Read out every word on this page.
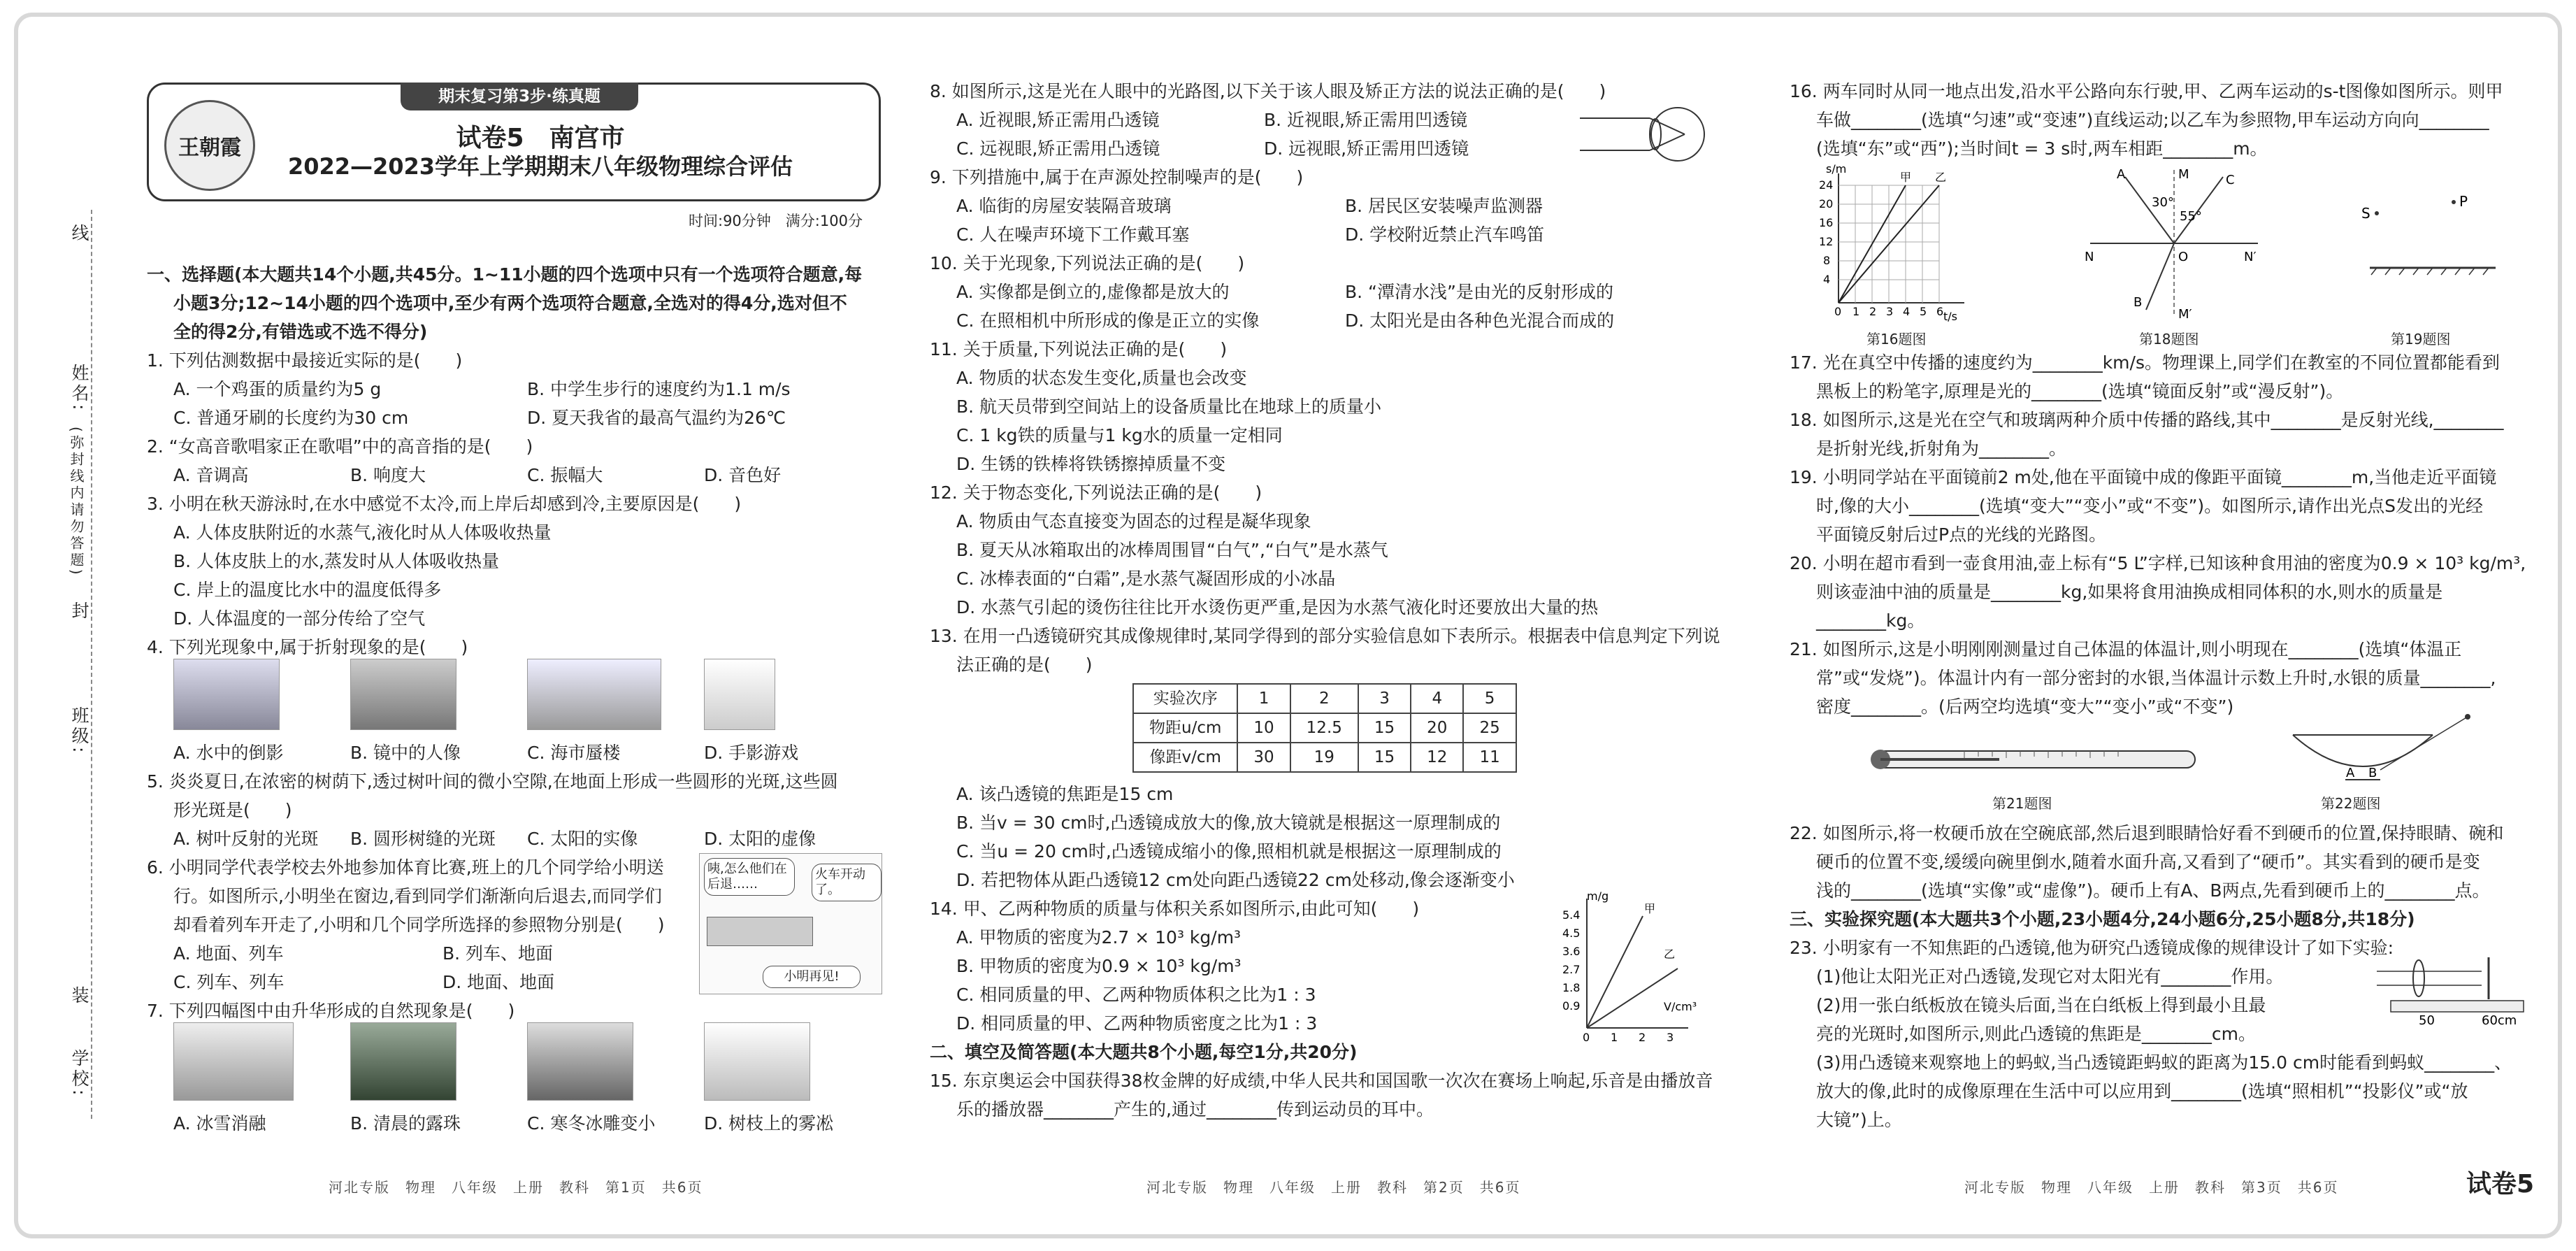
线
姓名:
(弥封线内请勿答题)
封
班级:
装
学校:
期末复习第3步·练真题
王朝霞	试卷5　南宫市
2022—2023学年上学期期末八年级物理综合评估
时间:90分钟　满分:100分

一、选择题(本大题共14个小题,共45分。1~11小题的四个选项中只有一个选项符合题意,每

小题3分;12~14小题的四个选项中,至少有两个选项符合题意,全选对的得4分,选对但不

全的得2分,有错选或不选不得分)

1. 下列估测数据中最接近实际的是(　　)

A. 一个鸡蛋的质量约为5 g	B. 中学生步行的速度约为1.1 m/s
C. 普通牙刷的长度约为30 cm	D. 夏天我省的最高气温约为26℃

2. “女高音歌唱家正在歌唱”中的高音指的是(　　)

A. 音调高	B. 响度大	C. 振幅大	D. 音色好

3. 小明在秋天游泳时,在水中感觉不太冷,而上岸后却感到冷,主要原因是(　　)

A. 人体皮肤附近的水蒸气,液化时从人体吸收热量
B. 人体皮肤上的水,蒸发时从人体吸收热量
C. 岸上的温度比水中的温度低得多
D. 人体温度的一部分传给了空气

4. 下列光现象中,属于折射现象的是(　　)

A. 水中的倒影	B. 镜中的人像	C. 海市蜃楼	D. 手影游戏

5. 炎炎夏日,在浓密的树荫下,透过树叶间的微小空隙,在地面上形成一些圆形的光斑,这些圆

形光斑是(　　)

A. 树叶反射的光斑	B. 圆形树缝的光斑	C. 太阳的实像	D. 太阳的虚像

6. 小明同学代表学校去外地参加体育比赛,班上的几个同学给小明送

行。如图所示,小明坐在窗边,看到同学们渐渐向后退去,而同学们

却看着列车开走了,小明和几个同学所选择的参照物分别是(　　)

A. 地面、列车	B. 列车、地面
C. 列车、列车	D. 地面、地面
咦,怎么他们在后退……
火车开动了。
小明再见!

7. 下列四幅图中由升华形成的自然现象是(　　)

A. 冰雪消融	B. 清晨的露珠	C. 寒冬冰雕变小	D. 树枝上的雾凇

8. 如图所示,这是光在人眼中的光路图,以下关于该人眼及矫正方法的说法正确的是(　　)

A. 近视眼,矫正需用凸透镜	B. 近视眼,矫正需用凹透镜
C. 远视眼,矫正需用凸透镜	D. 远视眼,矫正需用凹透镜

9. 下列措施中,属于在声源处控制噪声的是(　　)

A. 临街的房屋安装隔音玻璃	B. 居民区安装噪声监测器
C. 人在噪声环境下工作戴耳塞	D. 学校附近禁止汽车鸣笛

10. 关于光现象,下列说法正确的是(　　)

A. 实像都是倒立的,虚像都是放大的	B. “潭清水浅”是由光的反射形成的
C. 在照相机中所形成的像是正立的实像	D. 太阳光是由各种色光混合而成的

11. 关于质量,下列说法正确的是(　　)

A. 物质的状态发生变化,质量也会改变
B. 航天员带到空间站上的设备质量比在地球上的质量小
C. 1 kg铁的质量与1 kg水的质量一定相同
D. 生锈的铁棒将铁锈擦掉质量不变

12. 关于物态变化,下列说法正确的是(　　)

A. 物质由气态直接变为固态的过程是凝华现象
B. 夏天从冰箱取出的冰棒周围冒“白气”,“白气”是水蒸气
C. 冰棒表面的“白霜”,是水蒸气凝固形成的小冰晶
D. 水蒸气引起的烫伤往往比开水烫伤更严重,是因为水蒸气液化时还要放出大量的热

13. 在用一凸透镜研究其成像规律时,某同学得到的部分实验信息如下表所示。根据表中信息判定下列说

法正确的是(　　)

实验次序	1	2	3	4	5
物距u/cm	10	12.5	15	20	25
像距v/cm	30	19	15	12	11
A. 该凸透镜的焦距是15 cm
B. 当v = 30 cm时,凸透镜成放大的像,放大镜就是根据这一原理制成的
C. 当u = 20 cm时,凸透镜成缩小的像,照相机就是根据这一原理制成的
D. 若把物体从距凸透镜12 cm处向距凸透镜22 cm处移动,像会逐渐变小

14. 甲、乙两种物质的质量与体积关系如图所示,由此可知(　　)

A. 甲物质的密度为2.7 × 10³ kg/m³
B. 甲物质的密度为0.9 × 10³ kg/m³
C. 相同质量的甲、乙两种物质体积之比为1 : 3
D. 相同质量的甲、乙两种物质密度之比为1 : 3
m/g
V/cm³
5.4
4.5
3.6
2.7
1.8
0.9
0 1 2 3
甲
乙

二、填空及简答题(本大题共8个小题,每空1分,共20分)

15. 东京奥运会中国获得38枚金牌的好成绩,中华人民共和国国歌一次次在赛场上响起,乐音是由播放音

乐的播放器________产生的,通过________传到运动员的耳中。

16. 两车同时从同一地点出发,沿水平公路向东行驶,甲、乙两车运动的s-t图像如图所示。则甲

车做________(选填“匀速”或“变速”)直线运动;以乙车为参照物,甲车运动方向向________

(选填“东”或“西”);当时间t = 3 s时,两车相距________m。

s/m
t/s
24
20
16
12
8
4
0 1 2 3 4 5 6
甲 乙
第16题图
M
A	C
30°
55°
N	O	N′
B
M′
第18题图
S
P
第19题图

17. 光在真空中传播的速度约为________km/s。物理课上,同学们在教室的不同位置都能看到

黑板上的粉笔字,原理是光的________(选填“镜面反射”或“漫反射”)。

18. 如图所示,这是光在空气和玻璃两种介质中传播的路线,其中________是反射光线,________

是折射光线,折射角为________。

19. 小明同学站在平面镜前2 m处,他在平面镜中成的像距平面镜________m,当他走近平面镜

时,像的大小________(选填“变大”“变小”或“不变”)。如图所示,请作出光点S发出的光经

平面镜反射后过P点的光线的光路图。

20. 小明在超市看到一壶食用油,壶上标有“5 L”字样,已知该种食用油的密度为0.9 × 10³ kg/m³,

则该壶油中油的质量是________kg,如果将食用油换成相同体积的水,则水的质量是________kg。

21. 如图所示,这是小明刚刚测量过自己体温的体温计,则小明现在________(选填“体温正

常”或“发烧”)。体温计内有一部分密封的水银,当体温计示数上升时,水银的质量________,

密度________。(后两空均选填“变大”“变小”或“不变”)

第21题图
A B
第22题图

22. 如图所示,将一枚硬币放在空碗底部,然后退到眼睛恰好看不到硬币的位置,保持眼睛、碗和

硬币的位置不变,缓缓向碗里倒水,随着水面升高,又看到了“硬币”。其实看到的硬币是变

浅的________(选填“实像”或“虚像”)。硬币上有A、B两点,先看到硬币上的________点。

三、实验探究题(本大题共3个小题,23小题4分,24小题6分,25小题8分,共18分)

23. 小明家有一不知焦距的凸透镜,他为研究凸透镜成像的规律设计了如下实验:

(1)他让太阳光正对凸透镜,发现它对太阳光有________作用。

(2)用一张白纸板放在镜头后面,当在白纸板上得到最小且最

亮的光斑时,如图所示,则此凸透镜的焦距是________cm。

(3)用凸透镜来观察地上的蚂蚁,当凸透镜距蚂蚁的距离为15.0 cm时能看到蚂蚁________、

放大的像,此时的成像原理在生活中可以应用到________(选填“照相机”“投影仪”或“放

大镜”)上。

50	60cm
河北专版　物理　八年级　上册　教科　第1页　共6页	河北专版　物理　八年级　上册　教科　第2页　共6页	河北专版　物理　八年级　上册　教科　第3页　共6页	试卷5
